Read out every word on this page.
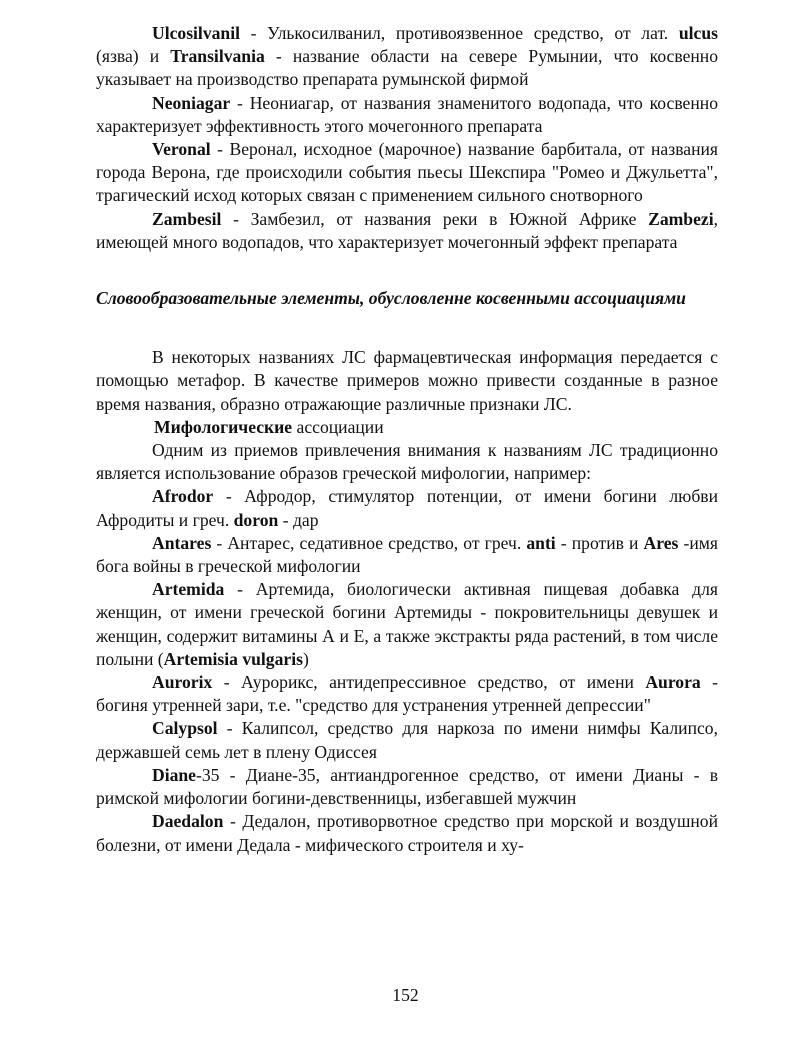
Ulcosilvanil - Улькосилванил, противоязвенное средство, от лат. ulcus (язва) и Transilvania - название области на севере Румынии, что косвенно указывает на производство препарата румынской фирмой

Neoniagar - Неониагар, от названия знаменитого водопада, что косвенно характеризует эффективность этого мочегонного препарата

Veronal - Веронал, исходное (марочное) название барбитала, от названия города Верона, где происходили события пьесы Шекспира "Ромео и Джульетта", трагический исход которых связан с применением сильного снотворного

Zambesil - Замбезил, от названия реки в Южной Африке Zambezi, имеющей много водопадов, что характеризует мочегонный эффект препарата

Словообразовательные элементы, обусловленне косвенными ассоциациями

В некоторых названиях ЛС фармацевтическая информация передается с помощью метафор. В качестве примеров можно привести созданные в разное время названия, образно отражающие различные признаки ЛС.

Мифологические ассоциации

Одним из приемов привлечения внимания к названиям ЛС традиционно является использование образов греческой мифологии, например:

Afrodor - Афродор, стимулятор потенции, от имени богини любви Афродиты и греч. doron - дар

Antares - Антарес, седативное средство, от греч. anti - против и Ares -имя бога войны в греческой мифологии

Artemida - Артемида, биологически активная пищевая добавка для женщин, от имени греческой богини Артемиды - покровительницы девушек и женщин, содержит витамины А и Е, а также экстракты ряда растений, в том числе полыни (Artemisia vulgaris)

Aurorix - Аурорикс, антидепрессивное средство, от имени Aurora - богиня утренней зари, т.е. "средство для устранения утренней депрессии"

Calypsol - Калипсол, средство для наркоза по имени нимфы Калипсо, державшей семь лет в плену Одиссея

Diane-35 - Диане-35, антиандрогенное средство, от имени Дианы - в римской мифологии богини-девственницы, избегавшей мужчин

Daedalon - Дедалон, противорвотное средство при морской и воздушной болезни, от имени Дедала - мифического строителя и ху-

152
